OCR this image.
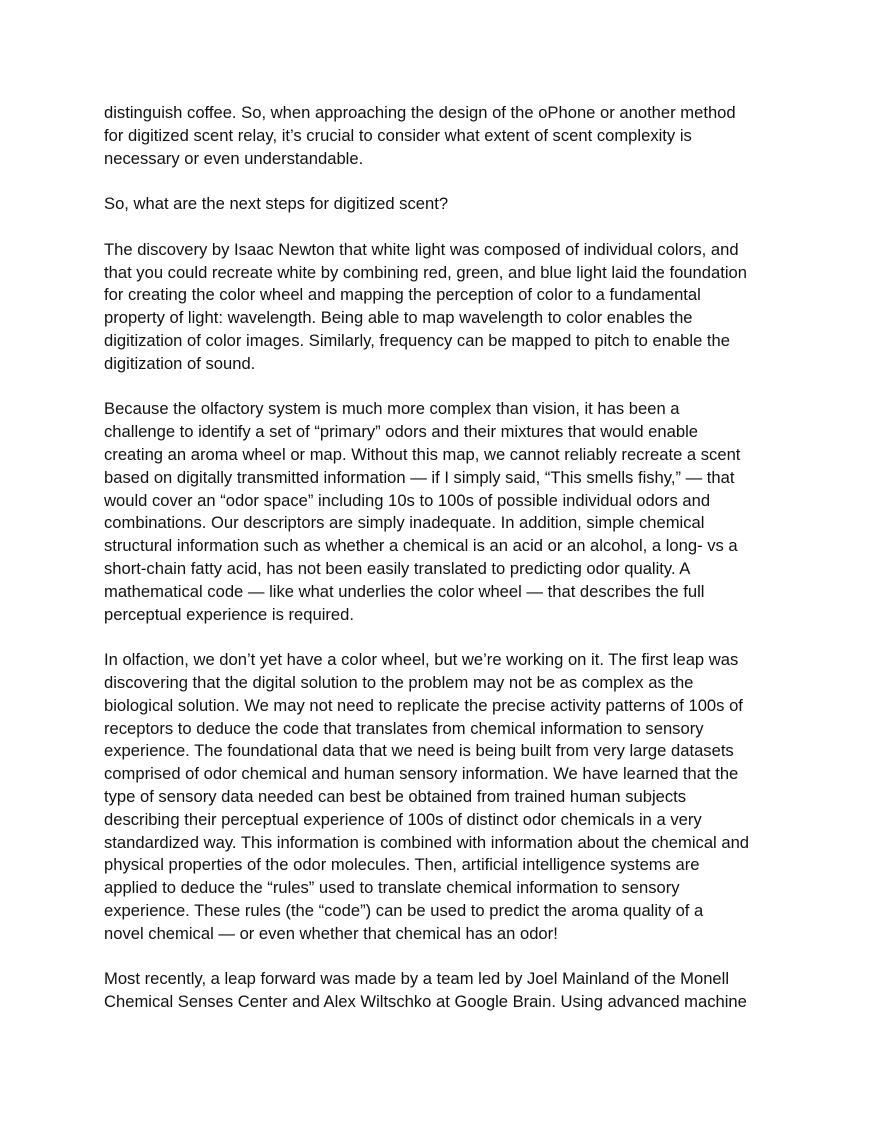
distinguish coffee. So, when approaching the design of the oPhone or another method
for digitized scent relay, it’s crucial to consider what extent of scent complexity is
necessary or even understandable.

So, what are the next steps for digitized scent?

The discovery by Isaac Newton that white light was composed of individual colors, and
that you could recreate white by combining red, green, and blue light laid the foundation
for creating the color wheel and mapping the perception of color to a fundamental
property of light: wavelength. Being able to map wavelength to color enables the
digitization of color images. Similarly, frequency can be mapped to pitch to enable the
digitization of sound.

Because the olfactory system is much more complex than vision, it has been a
challenge to identify a set of “primary” odors and their mixtures that would enable
creating an aroma wheel or map. Without this map, we cannot reliably recreate a scent
based on digitally transmitted information — if I simply said, “This smells fishy,” — that
would cover an “odor space” including 10s to 100s of possible individual odors and
combinations. Our descriptors are simply inadequate. In addition, simple chemical
structural information such as whether a chemical is an acid or an alcohol, a long- vs a
short-chain fatty acid, has not been easily translated to predicting odor quality. A
mathematical code — like what underlies the color wheel — that describes the full
perceptual experience is required.

In olfaction, we don’t yet have a color wheel, but we’re working on it. The first leap was
discovering that the digital solution to the problem may not be as complex as the
biological solution. We may not need to replicate the precise activity patterns of 100s of
receptors to deduce the code that translates from chemical information to sensory
experience. The foundational data that we need is being built from very large datasets
comprised of odor chemical and human sensory information. We have learned that the
type of sensory data needed can best be obtained from trained human subjects
describing their perceptual experience of 100s of distinct odor chemicals in a very
standardized way. This information is combined with information about the chemical and
physical properties of the odor molecules. Then, artificial intelligence systems are
applied to deduce the “rules” used to translate chemical information to sensory
experience. These rules (the “code”) can be used to predict the aroma quality of a
novel chemical — or even whether that chemical has an odor!

Most recently, a leap forward was made by a team led by Joel Mainland of the Monell
Chemical Senses Center and Alex Wiltschko at Google Brain. Using advanced machine
